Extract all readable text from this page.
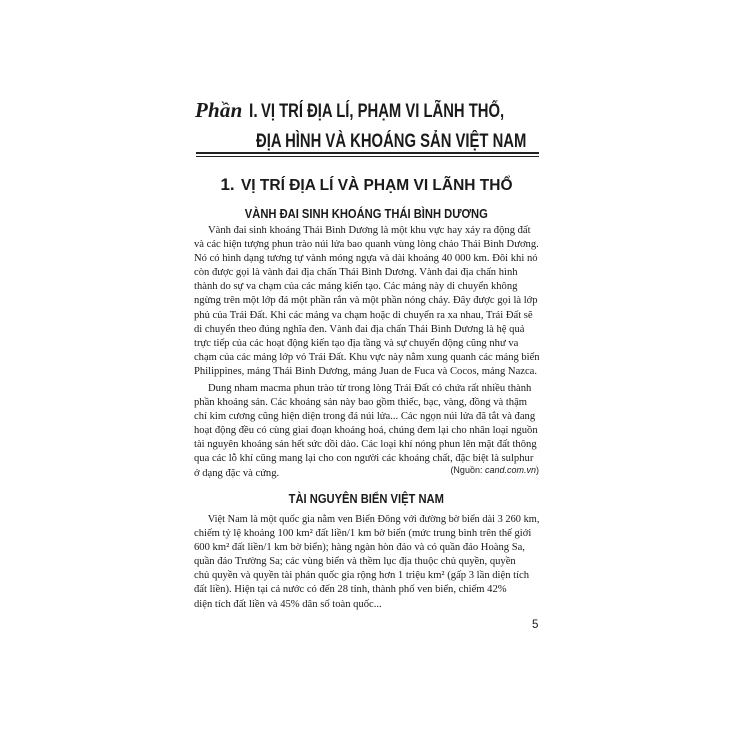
Phần I. VỊ TRÍ ĐỊA LÍ, PHẠM VI LÃNH THỔ,
ĐỊA HÌNH VÀ KHOÁNG SẢN VIỆT NAM
1. VỊ TRÍ ĐỊA LÍ VÀ PHẠM VI LÃNH THỔ
VÀNH ĐAI SINH KHOÁNG THÁI BÌNH DƯƠNG
Vành đai sinh khoáng Thái Bình Dương là một khu vực hay xảy ra động đất
và các hiện tượng phun trào núi lửa bao quanh vùng lòng chảo Thái Bình Dương.
Nó có hình dạng tương tự vành móng ngựa và dài khoảng 40 000 km. Đôi khi nó
còn được gọi là vành đai địa chấn Thái Bình Dương. Vành đai địa chấn hình
thành do sự va chạm của các mảng kiến tạo. Các mảng này di chuyển không
ngừng trên một lớp đá một phần rắn và một phần nóng chảy. Đây được gọi là lớp
phủ của Trái Đất. Khi các mảng va chạm hoặc di chuyển ra xa nhau, Trái Đất sẽ
di chuyển theo đúng nghĩa đen. Vành đai địa chấn Thái Bình Dương là hệ quả
trực tiếp của các hoạt động kiến tạo địa tầng và sự chuyển động cũng như va
chạm của các mảng lớp vỏ Trái Đất. Khu vực này nằm xung quanh các mảng biển
Philippines, mảng Thái Bình Dương, mảng Juan de Fuca và Cocos, mảng Nazca.
Dung nham macma phun trào từ trong lòng Trái Đất có chứa rất nhiều thành
phần khoáng sản. Các khoáng sản này bao gồm thiếc, bạc, vàng, đồng và thậm
chí kim cương cũng hiện diện trong đá núi lửa... Các ngọn núi lửa đã tắt và đang
hoạt động đều có cùng giai đoạn khoáng hoá, chúng đem lại cho nhân loại nguồn
tài nguyên khoáng sản hết sức dồi dào. Các loại khí nóng phun lên mặt đất thông
qua các lỗ khí cũng mang lại cho con người các khoáng chất, đặc biệt là sulphur
ở dạng đặc và cứng.	(Nguồn: cand.com.vn)
TÀI NGUYÊN BIỂN VIỆT NAM
Việt Nam là một quốc gia nằm ven Biển Đông với đường bờ biển dài 3 260 km,
chiếm tỷ lệ khoảng 100 km² đất liền/1 km bờ biển (mức trung bình trên thế giới
600 km² đất liền/1 km bờ biển); hàng ngàn hòn đảo và có quần đảo Hoàng Sa,
quần đảo Trường Sa; các vùng biển và thềm lục địa thuộc chủ quyền, quyền
chủ quyền và quyền tài phán quốc gia rộng hơn 1 triệu km² (gấp 3 lần diện tích
đất liền). Hiện tại cả nước có đến 28 tỉnh, thành phố ven biển, chiếm 42%
diện tích đất liền và 45% dân số toàn quốc...
5
